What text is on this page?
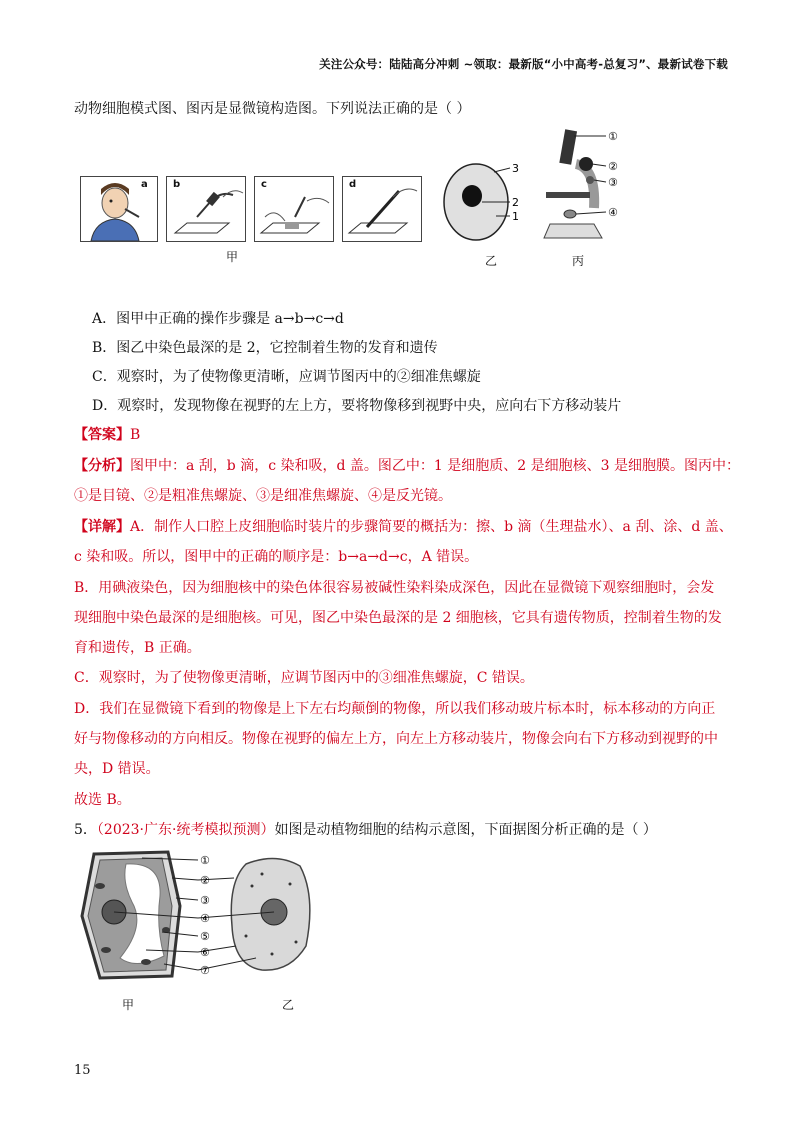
关注公众号：陆陆高分冲刺 ~领取：最新版“小中高考-总复习”、最新试卷下载
动物细胞模式图、图丙是显微镜构造图。下列说法正确的是（ ）
a	b	c	d
甲
3
2
1
乙
①
②
③
④
丙
A．图甲中正确的操作步骤是 a→b→c→d
B．图乙中染色最深的是 2，它控制着生物的发育和遗传
C．观察时，为了使物像更清晰，应调节图丙中的②细准焦螺旋
D．观察时，发现物像在视野的左上方，要将物像移到视野中央，应向右下方移动装片
【答案】B
【分析】图甲中：a 刮，b 滴，c 染和吸，d 盖。图乙中：1 是细胞质、2 是细胞核、3 是细胞膜。图丙中：
①是目镜、②是粗准焦螺旋、③是细准焦螺旋、④是反光镜。
【详解】A．制作人口腔上皮细胞临时装片的步骤简要的概括为：擦、b 滴（生理盐水）、a 刮、涂、d 盖、
c 染和吸。所以，图甲中的正确的顺序是：b→a→d→c，A 错误。
B．用碘液染色，因为细胞核中的染色体很容易被碱性染料染成深色，因此在显微镜下观察细胞时，会发
现细胞中染色最深的是细胞核。可见，图乙中染色最深的是 2 细胞核，它具有遗传物质，控制着生物的发
育和遗传，B 正确。
C．观察时，为了使物像更清晰，应调节图丙中的③细准焦螺旋，C 错误。
D．我们在显微镜下看到的物像是上下左右均颠倒的物像，所以我们移动玻片标本时，标本移动的方向正
好与物像移动的方向相反。物像在视野的偏左上方，向左上方移动装片，物像会向右下方移动到视野的中
央，D 错误。
故选 B。
5．（2023·广东·统考模拟预测）如图是动植物细胞的结构示意图，下面据图分析正确的是（ ）
①
②
③
④
⑤
⑥
⑦
甲	乙
15
